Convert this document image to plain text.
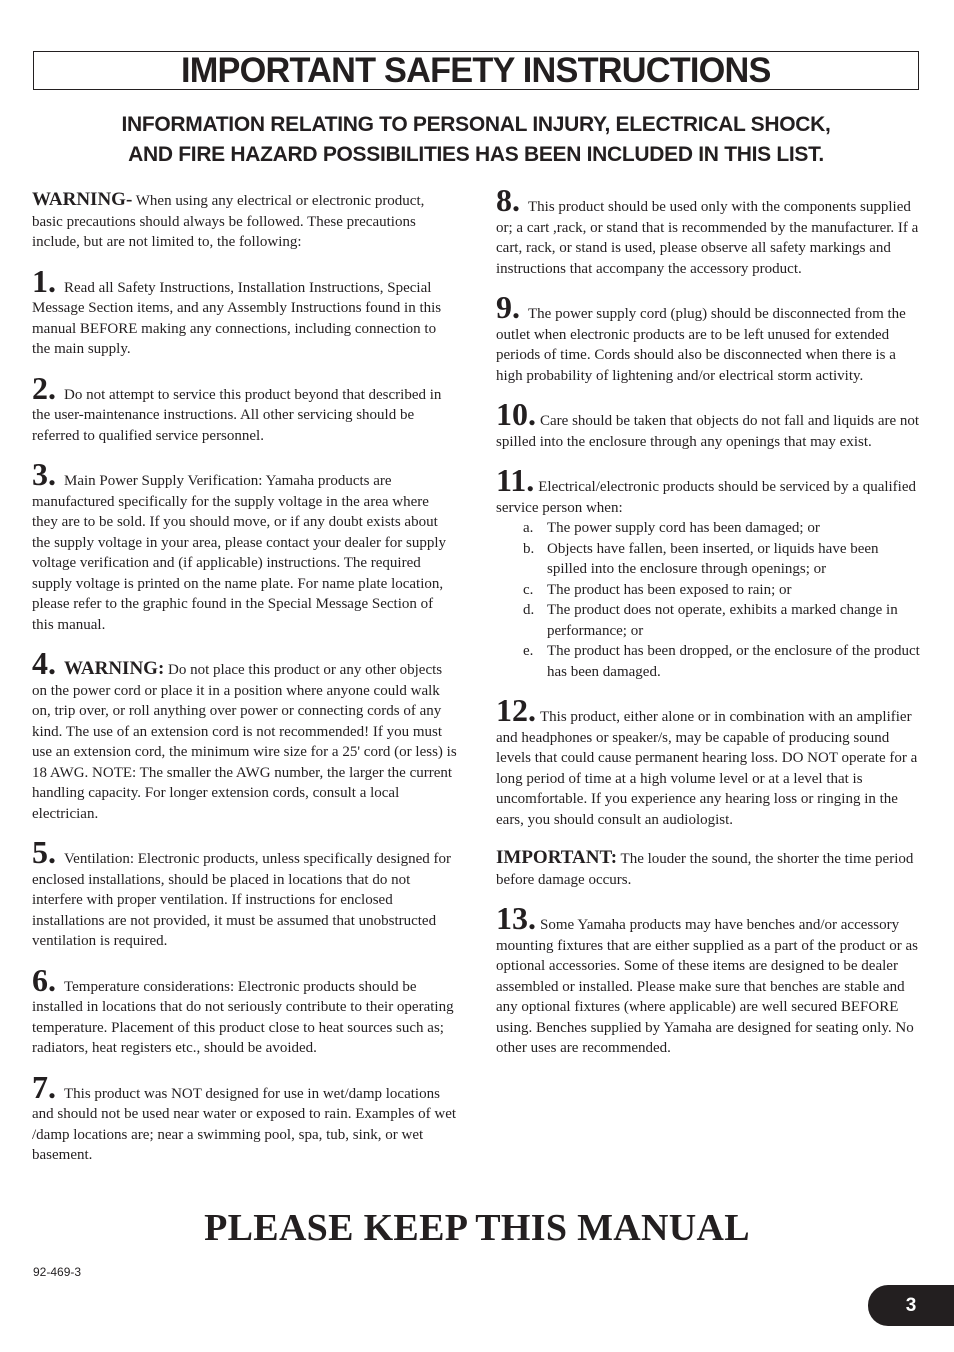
IMPORTANT SAFETY INSTRUCTIONS
INFORMATION RELATING TO PERSONAL INJURY, ELECTRICAL SHOCK,
AND FIRE HAZARD POSSIBILITIES HAS BEEN INCLUDED IN THIS LIST.

WARNING- When using any electrical or electronic product, basic precautions should always be followed. These precautions include, but are not limited to, the following:

1. Read all Safety Instructions, Installation Instructions, Special Message Section items, and any Assembly Instructions found in this manual BEFORE making any connections, including connection to the main supply.

2. Do not attempt to service this product beyond that described in the user-maintenance instructions. All other servicing should be referred to qualified service personnel.

3. Main Power Supply Verification: Yamaha products are manufactured specifically for the supply voltage in the area where they are to be sold. If you should move, or if any doubt exists about the supply voltage in your area, please contact your dealer for supply voltage verification and (if applicable) instructions. The required supply voltage is printed on the name plate. For name plate location, please refer to the graphic found in the Special Message Section of this manual.

4. WARNING: Do not place this product or any other objects on the power cord or place it in a position where anyone could walk on, trip over, or roll anything over power or connecting cords of any kind. The use of an extension cord is not recommended! If you must use an extension cord, the minimum wire size for a 25' cord (or less) is 18 AWG. NOTE: The smaller the AWG number, the larger the current handling capacity. For longer extension cords, consult a local electrician.

5. Ventilation: Electronic products, unless specifically designed for enclosed installations, should be placed in locations that do not interfere with proper ventilation. If instructions for enclosed installations are not provided, it must be assumed that unobstructed ventilation is required.

6. Temperature considerations: Electronic products should be installed in locations that do not seriously contribute to their operating temperature. Placement of this product close to heat sources such as; radiators, heat registers etc., should be avoided.

7. This product was NOT designed for use in wet/damp locations and should not be used near water or exposed to rain. Examples of wet /damp locations are; near a swimming pool, spa, tub, sink, or wet basement.

8. This product should be used only with the components supplied or; a cart ,rack, or stand that is recommended by the manufacturer. If a cart, rack, or stand is used, please observe all safety markings and instructions that accompany the accessory product.

9. The power supply cord (plug) should be disconnected from the outlet when electronic products are to be left unused for extended periods of time. Cords should also be disconnected when there is a high probability of lightening and/or electrical storm activity.

10. Care should be taken that objects do not fall and liquids are not spilled into the enclosure through any openings that may exist.

11. Electrical/electronic products should be serviced by a qualified service person when:
a. The power supply cord has been damaged; or
b. Objects have fallen, been inserted, or liquids have been spilled into the enclosure through openings; or
c. The product has been exposed to rain; or
d. The product does not operate, exhibits a marked change in performance; or
e. The product has been dropped, or the enclosure of the product has been damaged.

12. This product, either alone or in combination with an amplifier and headphones or speaker/s, may be capable of producing sound levels that could cause permanent hearing loss. DO NOT operate for a long period of time at a high volume level or at a level that is uncomfortable. If you experience any hearing loss or ringing in the ears, you should consult an audiologist.

IMPORTANT: The louder the sound, the shorter the time period before damage occurs.

13. Some Yamaha products may have benches and/or accessory mounting fixtures that are either supplied as a part of the product or as optional accessories. Some of these items are designed to be dealer assembled or installed. Please make sure that benches are stable and any optional fixtures (where applicable) are well secured BEFORE using. Benches supplied by Yamaha are designed for seating only. No other uses are recommended.

PLEASE KEEP THIS MANUAL
92-469-3
3
